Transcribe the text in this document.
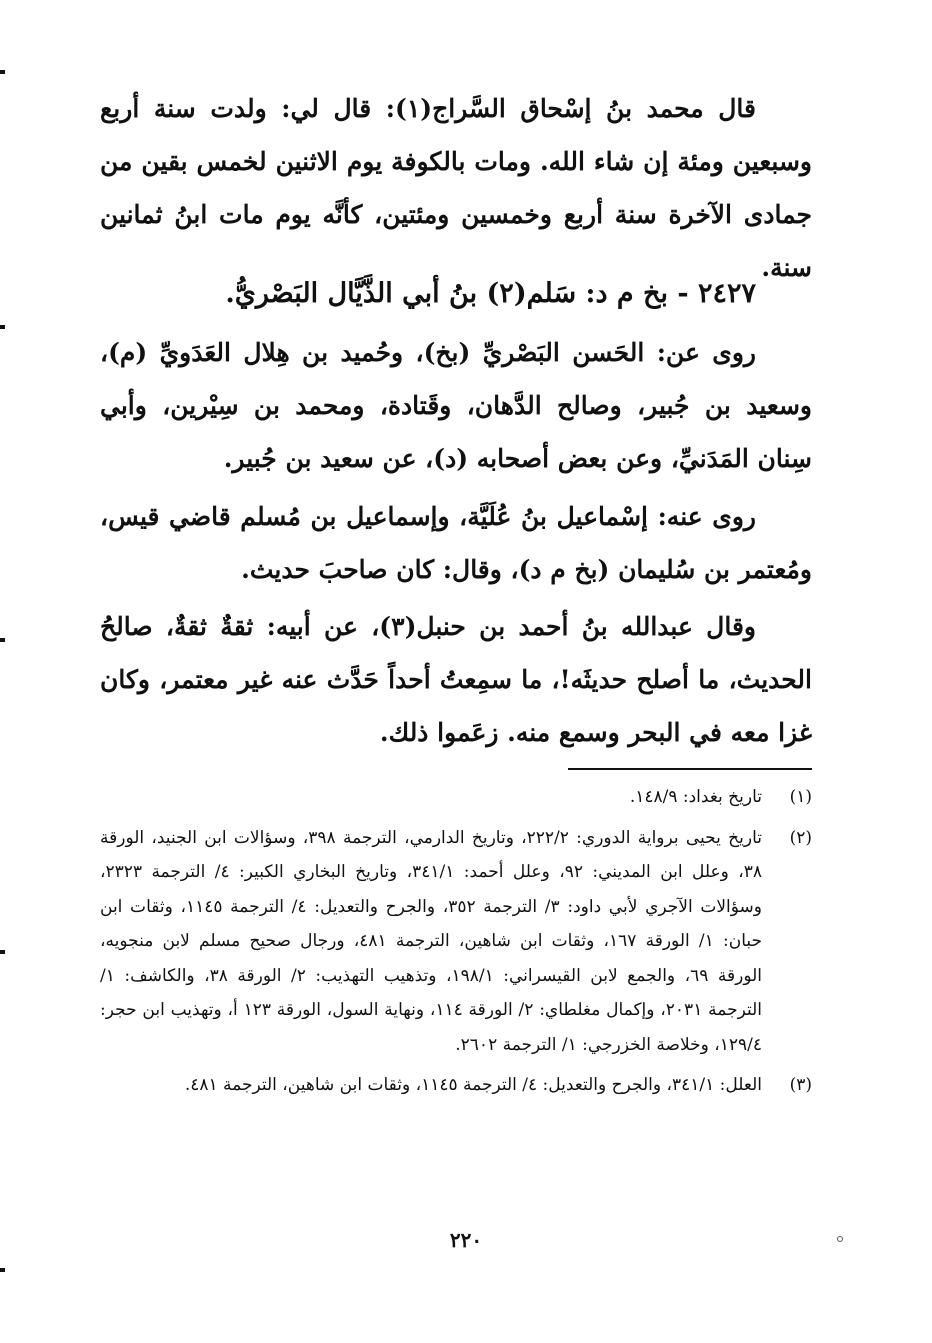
قال محمد بنُ إسْحاق السَّراج(١): قال لي: ولدت سنة أربع وسبعين ومئة إن شاء الله. ومات بالكوفة يوم الاثنين لخمس بقين من جمادى الآخرة سنة أربع وخمسين ومئتين، كأنَّه يوم مات ابنُ ثمانين سنة.

٢٤٢٧ - بخ م د: سَلم(٢) بنُ أبي الذَّيَّال البَصْريُّ.

روى عن: الحَسن البَصْريِّ (بخ)، وحُميد بن هِلال العَدَويِّ (م)، وسعيد بن جُبير، وصالح الدَّهان، وقَتادة، ومحمد بن سِيْرين، وأبي سِنان المَدَنيِّ، وعن بعض أصحابه (د)، عن سعيد بن جُبير.

روى عنه: إسْماعيل بنُ عُلَيَّة، وإسماعيل بن مُسلم قاضي قيس، ومُعتمر بن سُليمان (بخ م د)، وقال: كان صاحبَ حديث.

وقال عبدالله بنُ أحمد بن حنبل(٣)، عن أبيه: ثقةٌ ثقةٌ، صالحُ الحديث، ما أصلح حديثَه!، ما سمِعتُ أحداً حَدَّث عنه غير معتمر، وكان غزا معه في البحر وسمع منه. زعَموا ذلك.

(١)
تاريخ بغداد: ١٤٨/٩.
(٢)
تاريخ يحيى برواية الدوري: ٢٢٢/٢، وتاريخ الدارمي، الترجمة ٣٩٨، وسؤالات ابن الجنيد، الورقة ٣٨، وعلل ابن المديني: ٩٢، وعلل أحمد: ٣٤١/١، وتاريخ البخاري الكبير: ٤/ الترجمة ٢٣٢٣، وسؤالات الآجري لأبي داود: ٣/ الترجمة ٣٥٢، والجرح والتعديل: ٤/ الترجمة ١١٤٥، وثقات ابن حبان: ١/ الورقة ١٦٧، وثقات ابن شاهين، الترجمة ٤٨١، ورجال صحيح مسلم لابن منجويه، الورقة ٦٩، والجمع لابن القيسراني: ١٩٨/١، وتذهيب التهذيب: ٢/ الورقة ٣٨، والكاشف: ١/ الترجمة ٢٠٣١، وإكمال مغلطاي: ٢/ الورقة ١١٤، ونهاية السول، الورقة ١٢٣ أ، وتهذيب ابن حجر: ١٢٩/٤، وخلاصة الخزرجي: ١/ الترجمة ٢٦٠٢.
(٣)
العلل: ٣٤١/١، والجرح والتعديل: ٤/ الترجمة ١١٤٥، وثقات ابن شاهين، الترجمة ٤٨١.
٢٢٠
